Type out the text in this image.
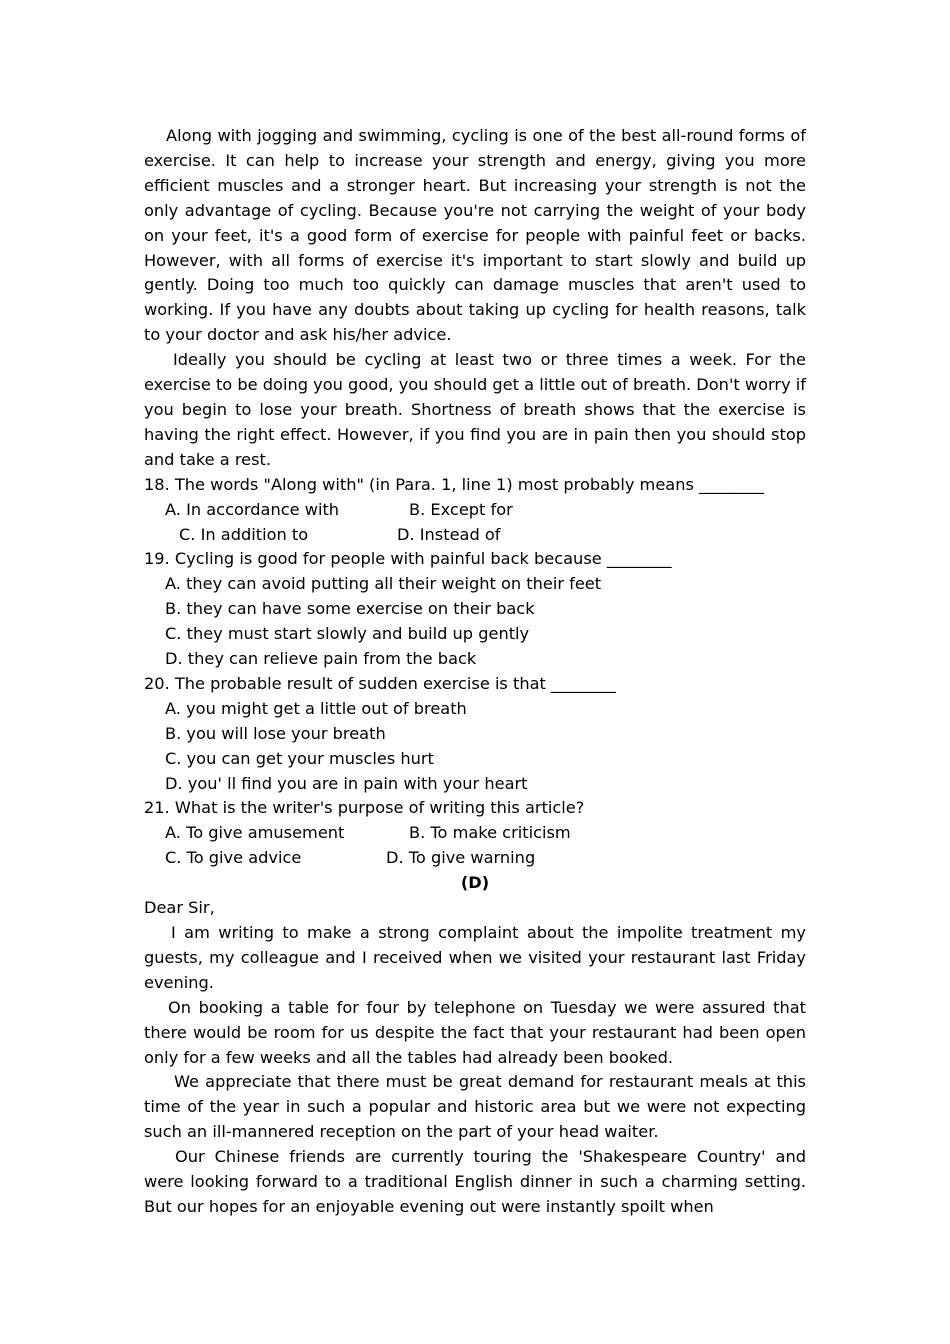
Along with jogging and swimming, cycling is one of the best all-round forms of exercise. It can help to increase your strength and energy, giving you more efficient muscles and a stronger heart. But increasing your strength is not the only advantage of cycling. Because you're not carrying the weight of your body on your feet, it's a good form of exercise for people with painful feet or backs. However, with all forms of exercise it's important to start slowly and build up gently. Doing too much too quickly can damage muscles that aren't used to working. If you have any doubts about taking up cycling for health reasons, talk to your doctor and ask his/her advice.

Ideally you should be cycling at least two or three times a week. For the exercise to be doing you good, you should get a little out of breath. Don't worry if you begin to lose your breath. Shortness of breath shows that the exercise is having the right effect. However, if you find you are in pain then you should stop and take a rest.

18. The words "Along with" (in Para. 1, line 1) most probably means ________

A. In accordance with	B. Except for
C. In addition to	D. Instead of

19. Cycling is good for people with painful back because ________

A. they can avoid putting all their weight on their feet

B. they can have some exercise on their back

C. they must start slowly and build up gently

D. they can relieve pain from the back

20. The probable result of sudden exercise is that ________

A. you might get a little out of breath

B. you will lose your breath

C. you can get your muscles hurt

D. you' ll find you are in pain with your heart

21. What is the writer's purpose of writing this article?

A. To give amusement	B. To make criticism
C. To give advice	D. To give warning

(D)

Dear Sir,

I am writing to make a strong complaint about the impolite treatment my guests, my colleague and I received when we visited your restaurant last Friday evening.

On booking a table for four by telephone on Tuesday we were assured that there would be room for us despite the fact that your restaurant had been open only for a few weeks and all the tables had already been booked.

We appreciate that there must be great demand for restaurant meals at this time of the year in such a popular and historic area but we were not expecting such an ill-mannered reception on the part of your head waiter.

Our Chinese friends are currently touring the 'Shakespeare Country' and were looking forward to a traditional English dinner in such a charming setting. But our hopes for an enjoyable evening out were instantly spoilt when
